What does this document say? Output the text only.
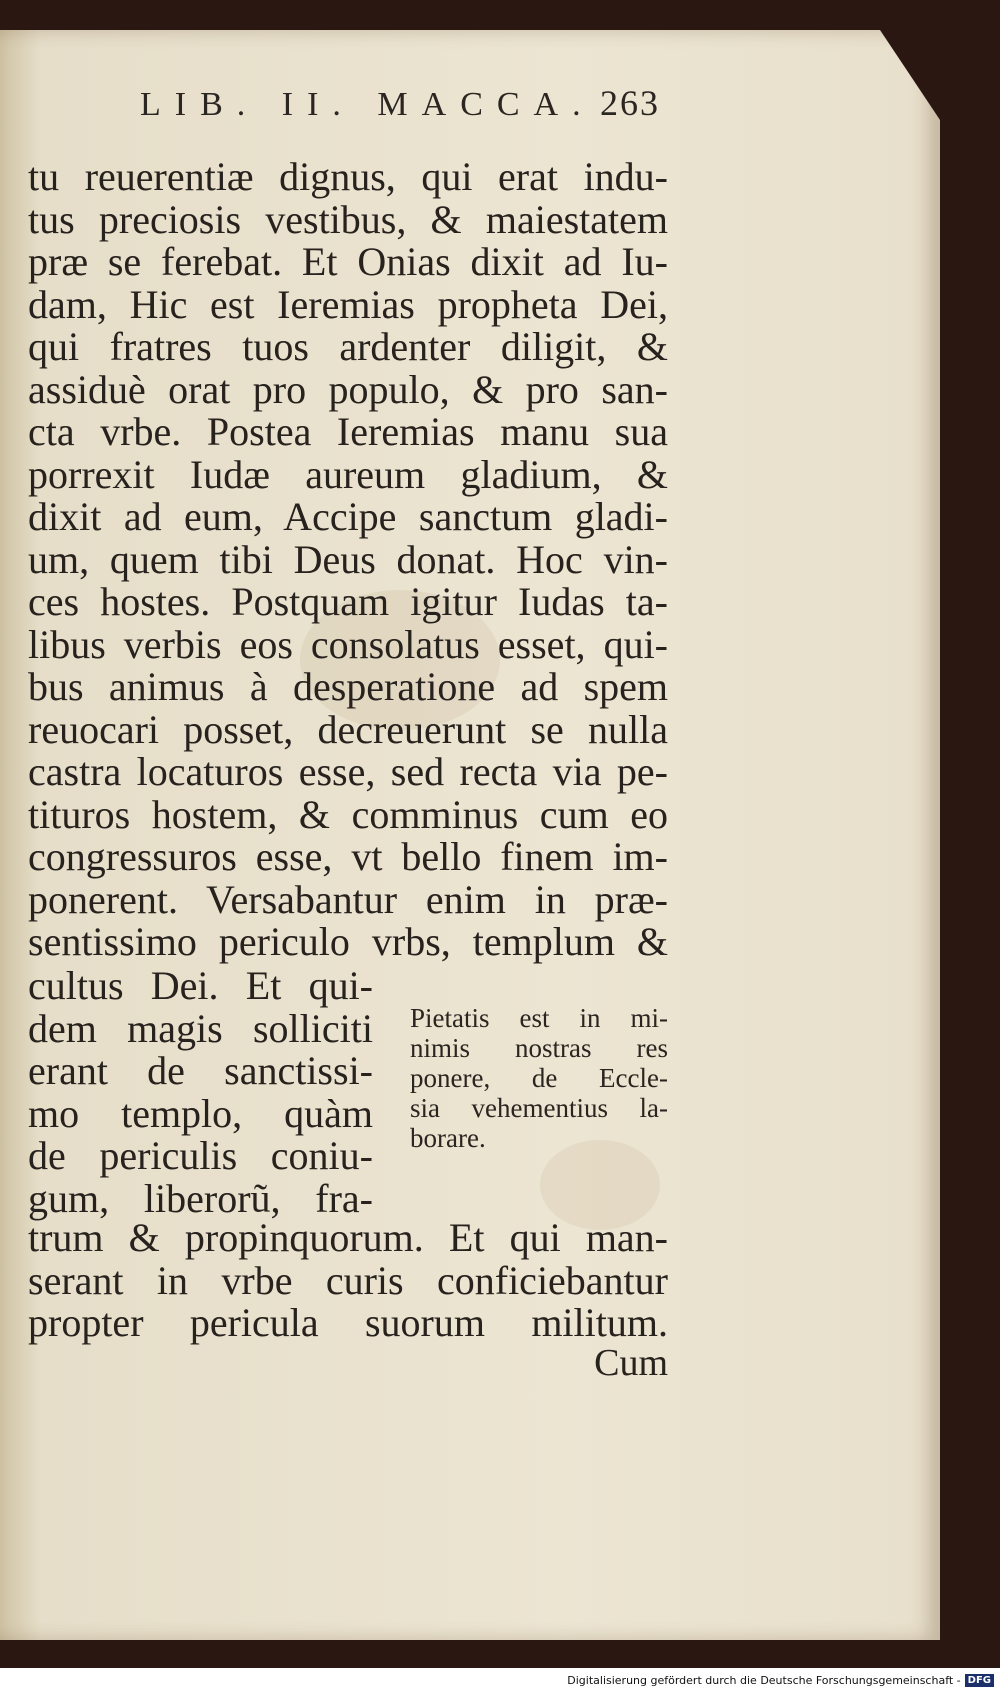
LIB. II. MACCA. 263
tu reuerentiæ dignus, qui erat indu-
tus preciosis vestibus, & maiestatem
præ se ferebat. Et Onias dixit ad Iu-
dam, Hic est Ieremias propheta Dei,
qui fratres tuos ardenter diligit, &
assiduè orat pro populo, & pro san-
cta vrbe. Postea Ieremias manu sua
porrexit Iudæ aureum gladium, &
dixit ad eum, Accipe sanctum gladi-
um, quem tibi Deus donat. Hoc vin-
ces hostes. Postquam igitur Iudas ta-
libus verbis eos consolatus esset, qui-
bus animus à desperatione ad spem
reuocari posset, decreuerunt se nulla
castra locaturos esse, sed recta via pe-
tituros hostem, & comminus cum eo
congressuros esse, vt bello finem im-
ponerent. Versabantur enim in præ-
sentissimo periculo vrbs, templum &
cultus Dei. Et qui-
dem magis solliciti
erant de sanctissi-
mo templo, quàm
de periculis coniu-
gum, liberorũ, fra-
Pietatis est in mi-
nimis nostras res
ponere, de Eccle-
sia vehementius la-
borare.
trum & propinquorum. Et qui man-
serant in vrbe curis conficiebantur
propter pericula suorum militum.
Cum
Digitalisierung gefördert durch die Deutsche Forschungsgemeinschaft - DFG
